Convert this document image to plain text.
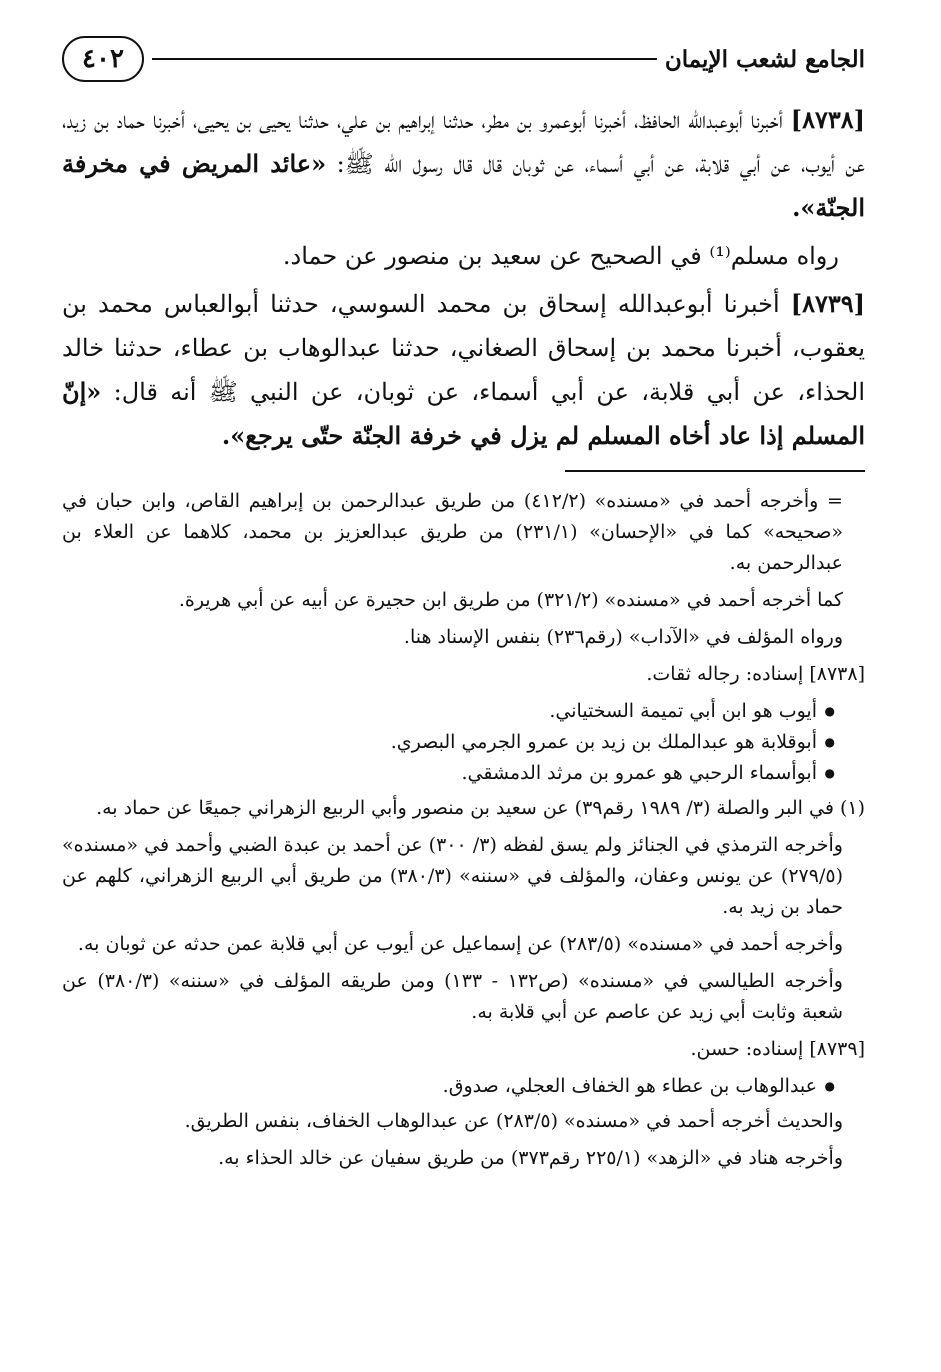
الجامع لشعب الإيمان
٤٠٢

[٨٧٣٨] أخبرنا أبوعبدالله الحافظ، أخبرنا أبوعمرو بن مطر، حدثنا إبراهيم بن علي، حدثنا يحيى بن يحيى، أخبرنا حماد بن زيد، عن أيوب، عن أبي قلابة، عن أبي أسماء، عن ثوبان قال قال رسول الله ﷺ: «عائد المريض في مخرفة الجنّة».

رواه مسلم⁽¹⁾ في الصحيح عن سعيد بن منصور عن حماد.

[٨٧٣٩] أخبرنا أبوعبدالله إسحاق بن محمد السوسي، حدثنا أبوالعباس محمد بن يعقوب، أخبرنا محمد بن إسحاق الصغاني، حدثنا عبدالوهاب بن عطاء، حدثنا خالد الحذاء، عن أبي قلابة، عن أبي أسماء، عن ثوبان، عن النبي ﷺ أنه قال: «إنّ المسلم إذا عاد أخاه المسلم لم يزل في خرفة الجنّة حتّى يرجع».

= وأخرجه أحمد في «مسنده» (٤١٢/٢) من طريق عبدالرحمن بن إبراهيم القاص، وابن حبان في «صحيحه» كما في «الإحسان» (٢٣١/١) من طريق عبدالعزيز بن محمد، كلاهما عن العلاء بن عبدالرحمن به.

كما أخرجه أحمد في «مسنده» (٣٢١/٢) من طريق ابن حجيرة عن أبيه عن أبي هريرة.

ورواه المؤلف في «الآداب» (رقم٢٣٦) بنفس الإسناد هنا.

[٨٧٣٨] إسناده: رجاله ثقات.

● أيوب هو ابن أبي تميمة السختياني.
● أبوقلابة هو عبدالملك بن زيد بن عمرو الجرمي البصري.
● أبوأسماء الرحبي هو عمرو بن مرثد الدمشقي.

(١) في البر والصلة (٣/ ١٩٨٩ رقم٣٩) عن سعيد بن منصور وأبي الربيع الزهراني جميعًا عن حماد به.

وأخرجه الترمذي في الجنائز ولم يسق لفظه (٣/ ٣٠٠) عن أحمد بن عبدة الضبي وأحمد في «مسنده» (٢٧٩/٥) عن يونس وعفان، والمؤلف في «سننه» (٣٨٠/٣) من طريق أبي الربيع الزهراني، كلهم عن حماد بن زيد به.

وأخرجه أحمد في «مسنده» (٢٨٣/٥) عن إسماعيل عن أيوب عن أبي قلابة عمن حدثه عن ثوبان به.

وأخرجه الطيالسي في «مسنده» (ص١٣٢ - ١٣٣) ومن طريقه المؤلف في «سننه» (٣٨٠/٣) عن شعبة وثابت أبي زيد عن عاصم عن أبي قلابة به.

[٨٧٣٩] إسناده: حسن.

● عبدالوهاب بن عطاء هو الخفاف العجلي، صدوق.

والحديث أخرجه أحمد في «مسنده» (٢٨٣/٥) عن عبدالوهاب الخفاف، بنفس الطريق.

وأخرجه هناد في «الزهد» (٢٢٥/١ رقم٣٧٣) من طريق سفيان عن خالد الحذاء به.
